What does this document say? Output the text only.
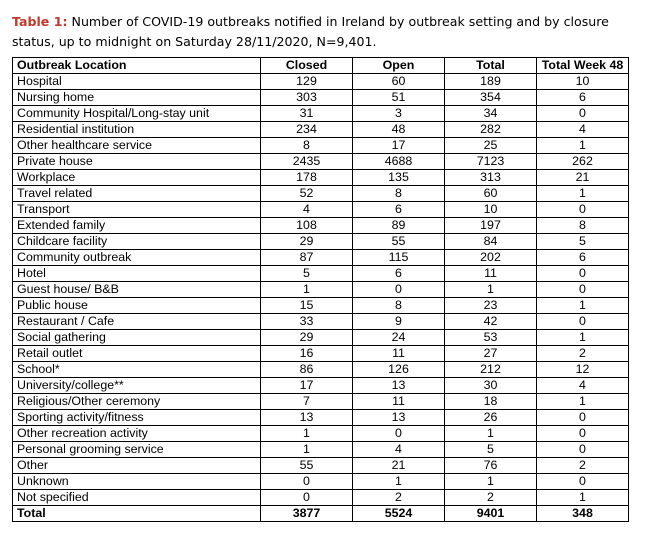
Table 1: Number of COVID-19 outbreaks notified in Ireland by outbreak setting and by closure status, up to midnight on Saturday 28/11/2020, N=9,401.
Outbreak Location	Closed	Open	Total	Total Week 48
Hospital	129	60	189	10
Nursing home	303	51	354	6
Community Hospital/Long-stay unit	31	3	34	0
Residential institution	234	48	282	4
Other healthcare service	8	17	25	1
Private house	2435	4688	7123	262
Workplace	178	135	313	21
Travel related	52	8	60	1
Transport	4	6	10	0
Extended family	108	89	197	8
Childcare facility	29	55	84	5
Community outbreak	87	115	202	6
Hotel	5	6	11	0
Guest house/ B&B	1	0	1	0
Public house	15	8	23	1
Restaurant / Cafe	33	9	42	0
Social gathering	29	24	53	1
Retail outlet	16	11	27	2
School*	86	126	212	12
University/college**	17	13	30	4
Religious/Other ceremony	7	11	18	1
Sporting activity/fitness	13	13	26	0
Other recreation activity	1	0	1	0
Personal grooming service	1	4	5	0
Other	55	21	76	2
Unknown	0	1	1	0
Not specified	0	2	2	1
Total	3877	5524	9401	348
